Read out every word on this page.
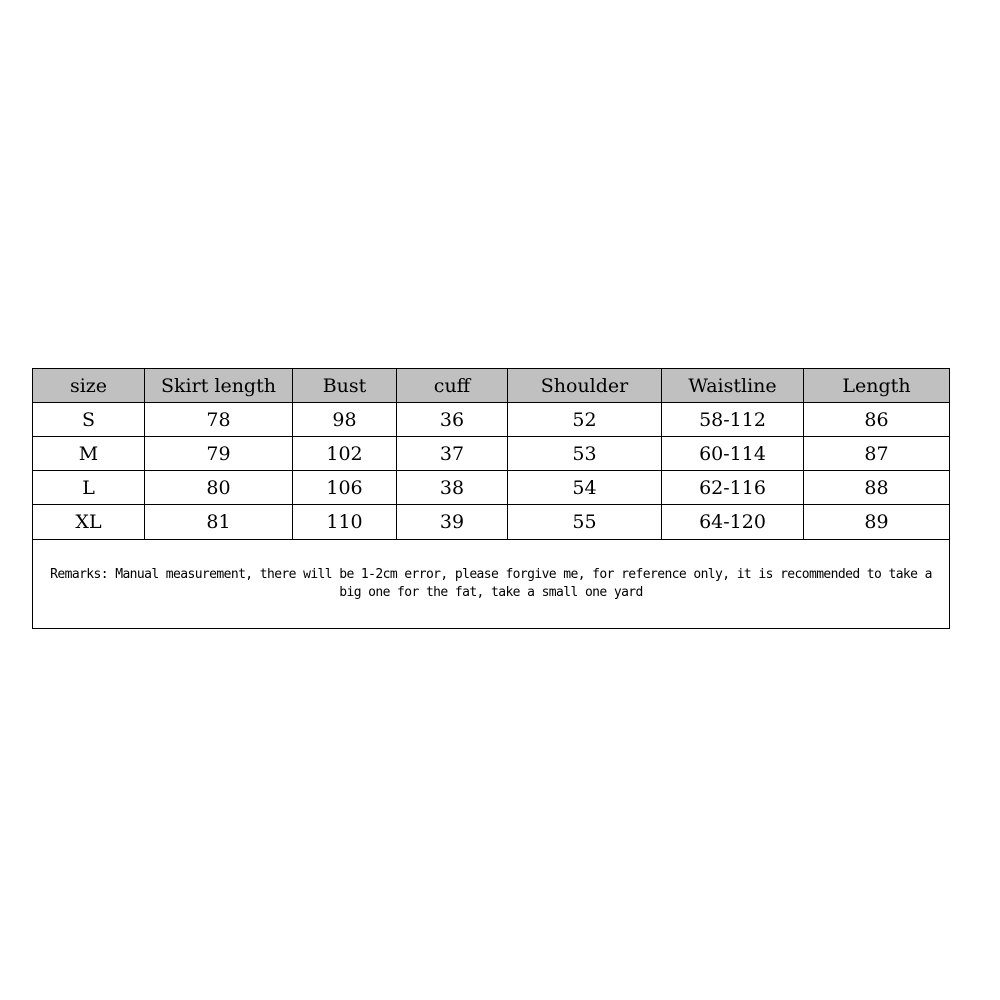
size	Skirt length	Bust	cuff	Shoulder	Waistline	Length
S	78	98	36	52	58-112	86
M	79	102	37	53	60-114	87
L	80	106	38	54	62-116	88
XL	81	110	39	55	64-120	89
Remarks: Manual measurement, there will be 1-2cm error, please forgive me, for reference only, it is recommended to take a big one for the fat, take a small one yard						
